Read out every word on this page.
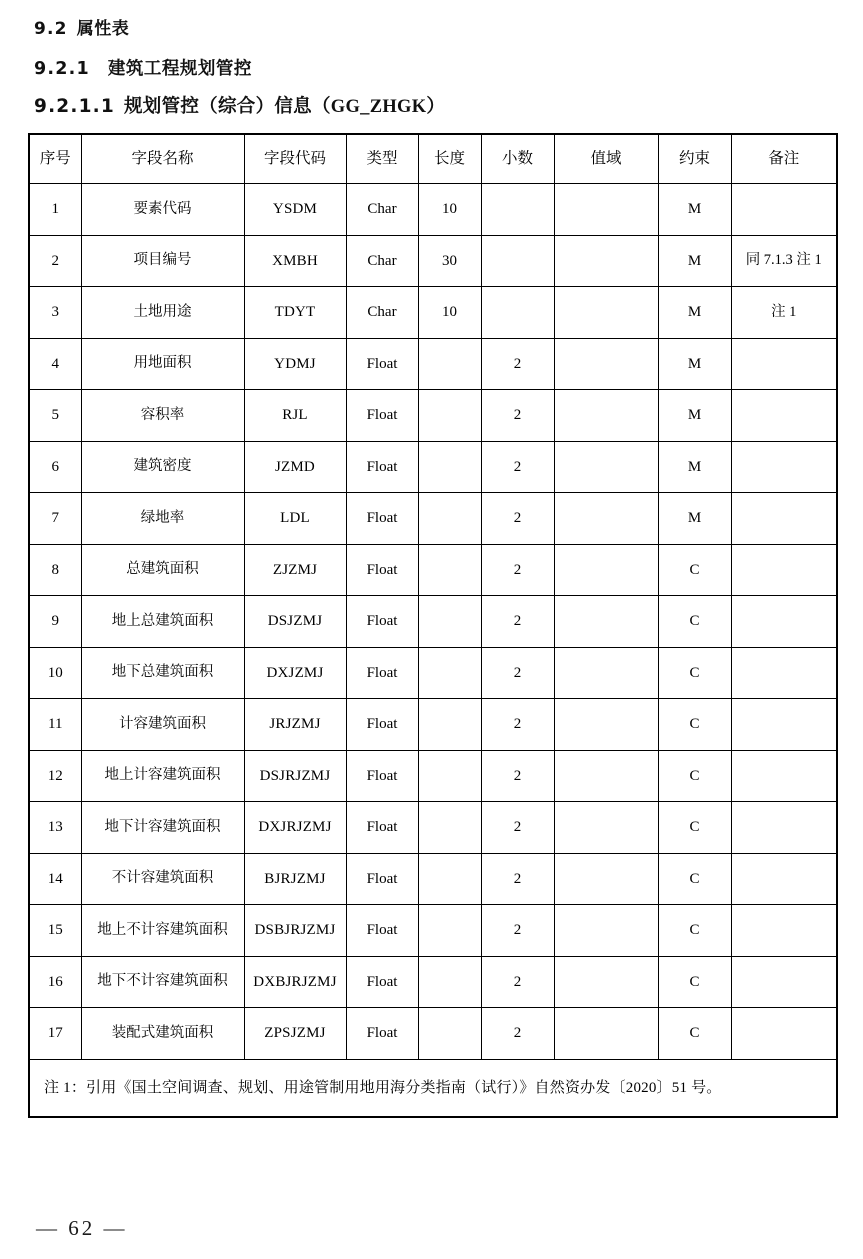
9.2 属性表
9.2.1 建筑工程规划管控
9.2.1.1 规划管控（综合）信息（GG_ZHGK）
序号	字段名称	字段代码	类型	长度	小数	值域	约束	备注
1	要素代码	YSDM	Char	10			M	
2	项目编号	XMBH	Char	30			M	同 7.1.3 注 1
3	土地用途	TDYT	Char	10			M	注 1
4	用地面积	YDMJ	Float		2		M	
5	容积率	RJL	Float		2		M	
6	建筑密度	JZMD	Float		2		M	
7	绿地率	LDL	Float		2		M	
8	总建筑面积	ZJZMJ	Float		2		C	
9	地上总建筑面积	DSJZMJ	Float		2		C	
10	地下总建筑面积	DXJZMJ	Float		2		C	
11	计容建筑面积	JRJZMJ	Float		2		C	
12	地上计容建筑面积	DSJRJZMJ	Float		2		C	
13	地下计容建筑面积	DXJRJZMJ	Float		2		C	
14	不计容建筑面积	BJRJZMJ	Float		2		C	
15	地上不计容建筑面积	DSBJRJZMJ	Float		2		C	
16	地下不计容建筑面积	DXBJRJZMJ	Float		2		C	
17	装配式建筑面积	ZPSJZMJ	Float		2		C	
注 1：引用《国土空间调查、规划、用途管制用地用海分类指南（试行）》自然资办发〔2020〕51 号。								
— 62 —
